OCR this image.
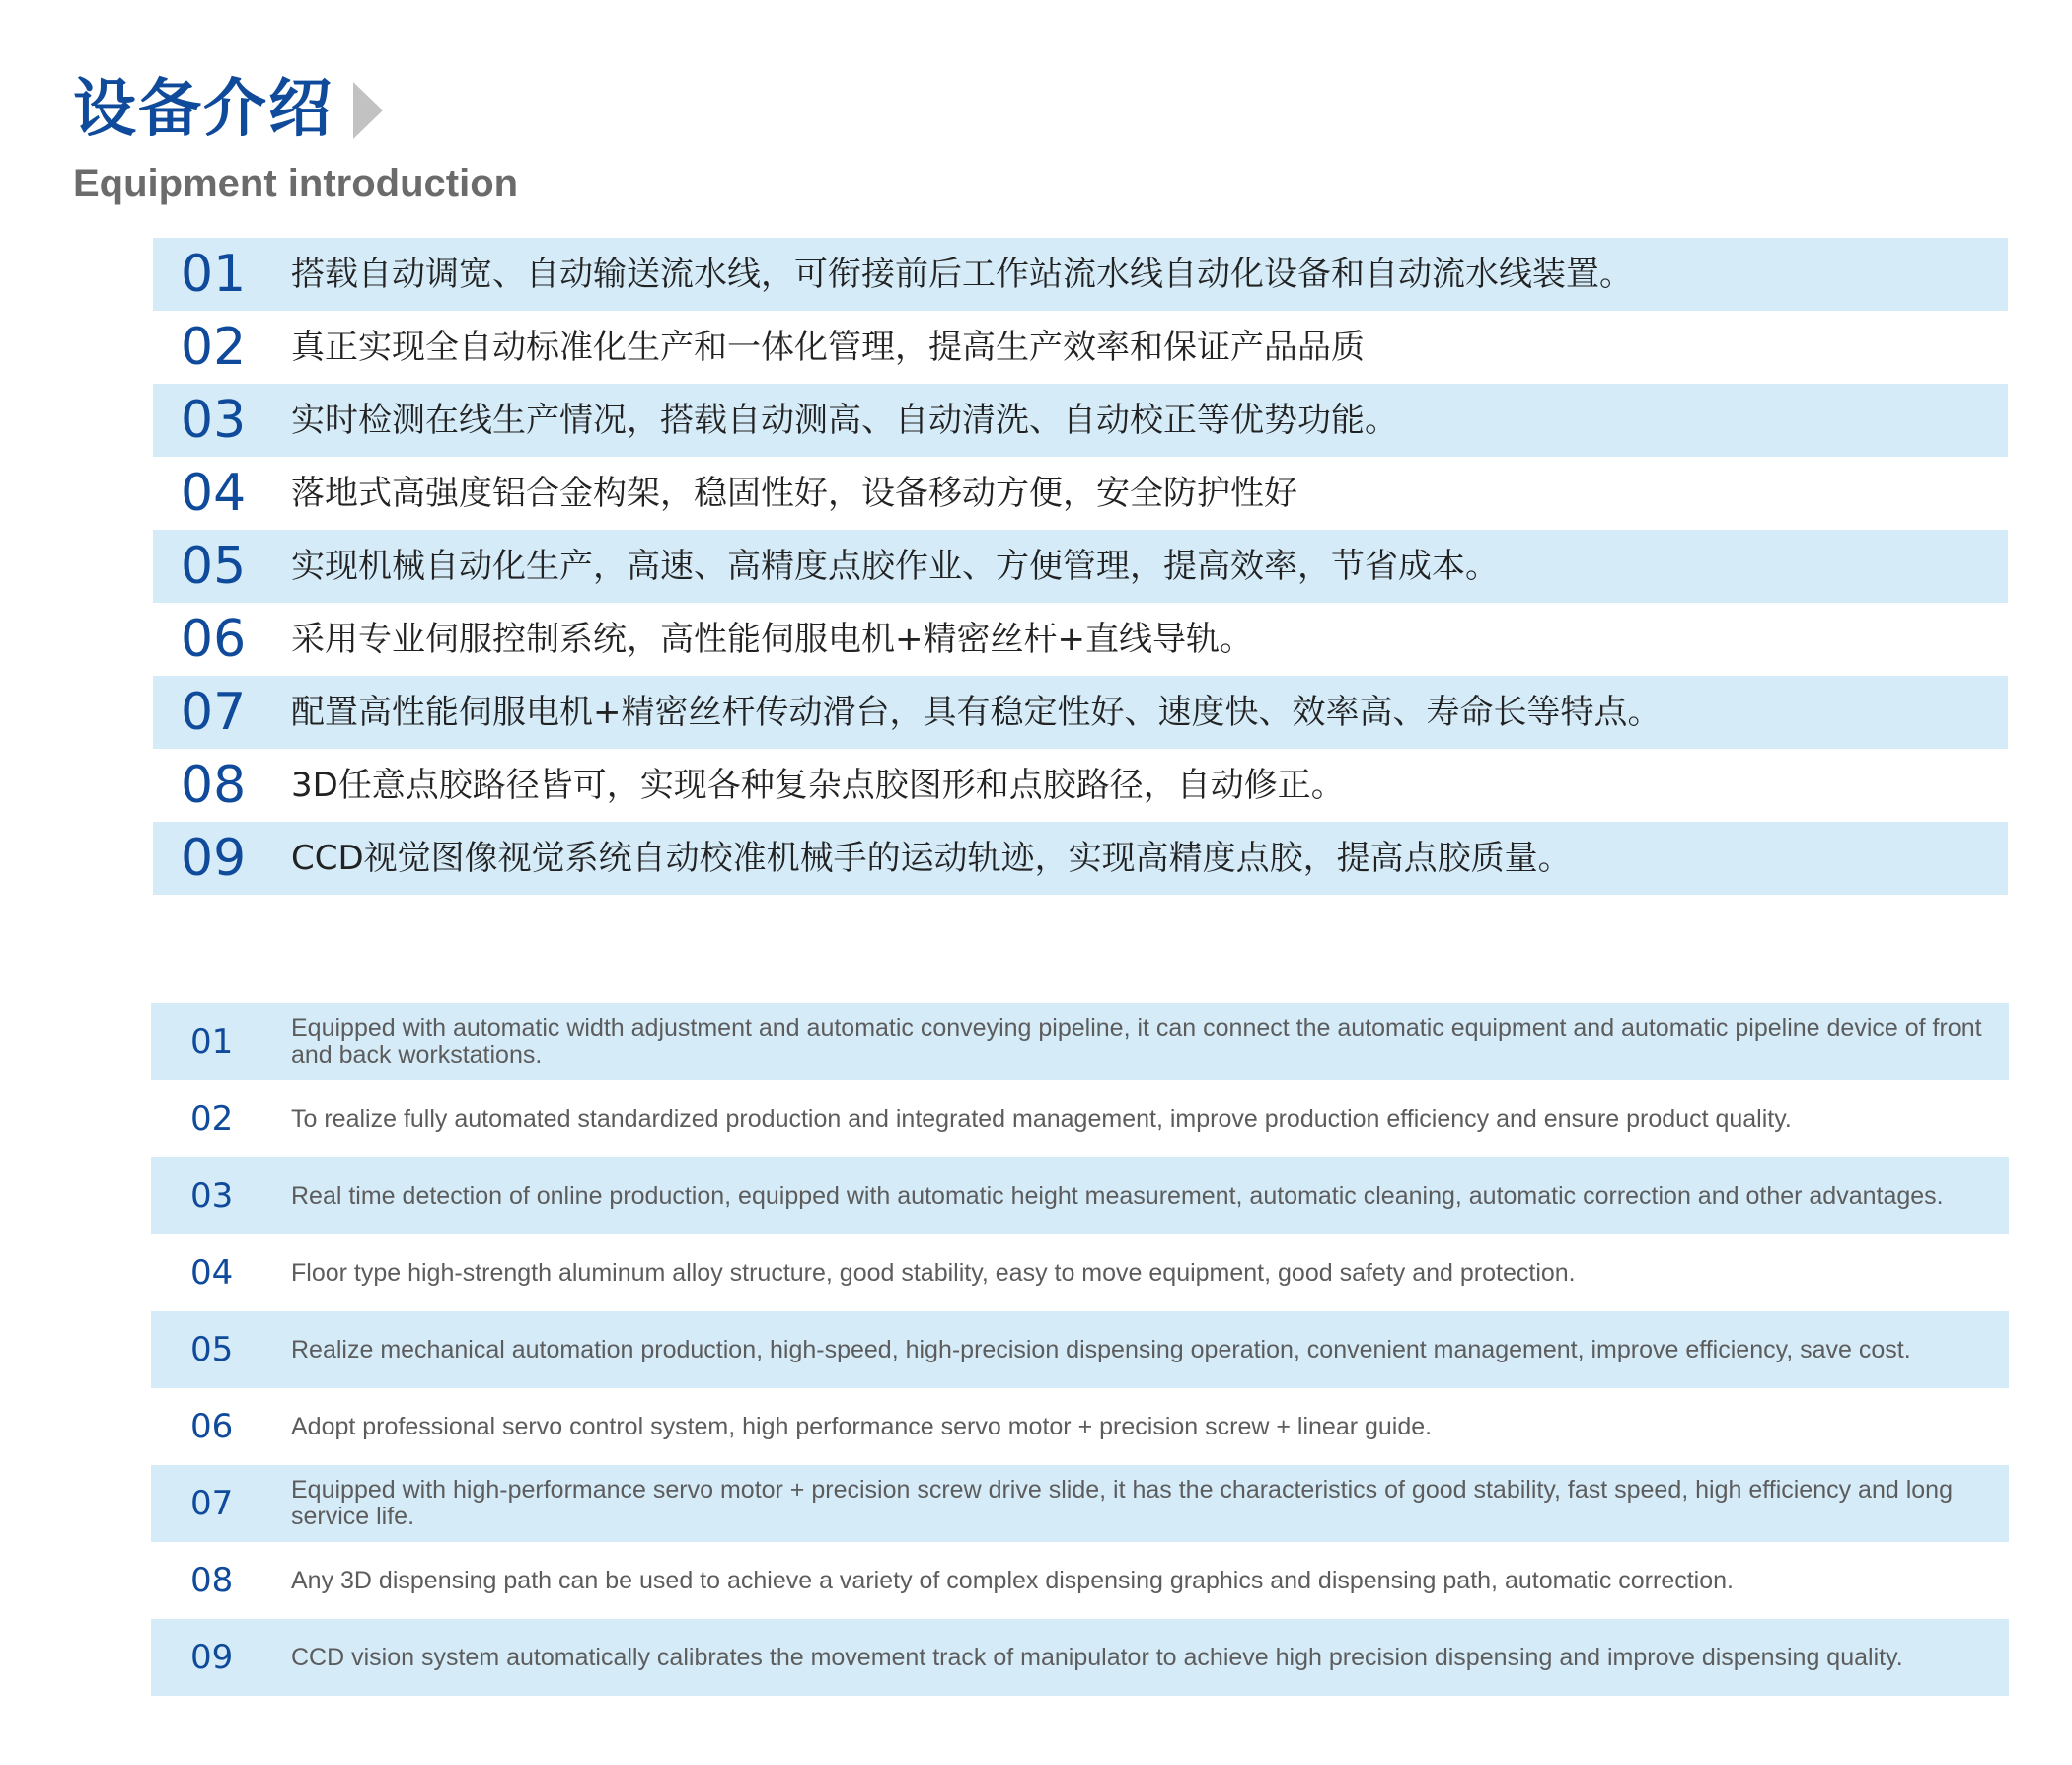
设备介绍
Equipment introduction
01	搭载自动调宽、自动输送流水线，可衔接前后工作站流水线自动化设备和自动流水线装置。
02	真正实现全自动标准化生产和一体化管理，提高生产效率和保证产品品质
03	实时检测在线生产情况，搭载自动测高、自动清洗、自动校正等优势功能。
04	落地式高强度铝合金构架，稳固性好，设备移动方便，安全防护性好
05	实现机械自动化生产，高速、高精度点胶作业、方便管理，提高效率，节省成本。
06	采用专业伺服控制系统，高性能伺服电机+精密丝杆+直线导轨。
07	配置高性能伺服电机+精密丝杆传动滑台，具有稳定性好、速度快、效率高、寿命长等特点。
08	3D任意点胶路径皆可，实现各种复杂点胶图形和点胶路径，自动修正。
09	CCD视觉图像视觉系统自动校准机械手的运动轨迹，实现高精度点胶，提高点胶质量。
01	Equipped with automatic width adjustment and automatic conveying pipeline, it can connect the automatic equipment and automatic pipeline device of front and back workstations.
02	To realize fully automated standardized production and integrated management, improve production efficiency and ensure product quality.
03	Real time detection of online production, equipped with automatic height measurement, automatic cleaning, automatic correction and other advantages.
04	Floor type high-strength aluminum alloy structure, good stability, easy to move equipment, good safety and protection.
05	Realize mechanical automation production, high-speed, high-precision dispensing operation, convenient management, improve efficiency, save cost.
06	Adopt professional servo control system, high performance servo motor + precision screw + linear guide.
07	Equipped with high-performance servo motor + precision screw drive slide, it has the characteristics of good stability, fast speed, high efficiency and long service life.
08	Any 3D dispensing path can be used to achieve a variety of complex dispensing graphics and dispensing path, automatic correction.
09	CCD vision system automatically calibrates the movement track of manipulator to achieve high precision dispensing and improve dispensing quality.
